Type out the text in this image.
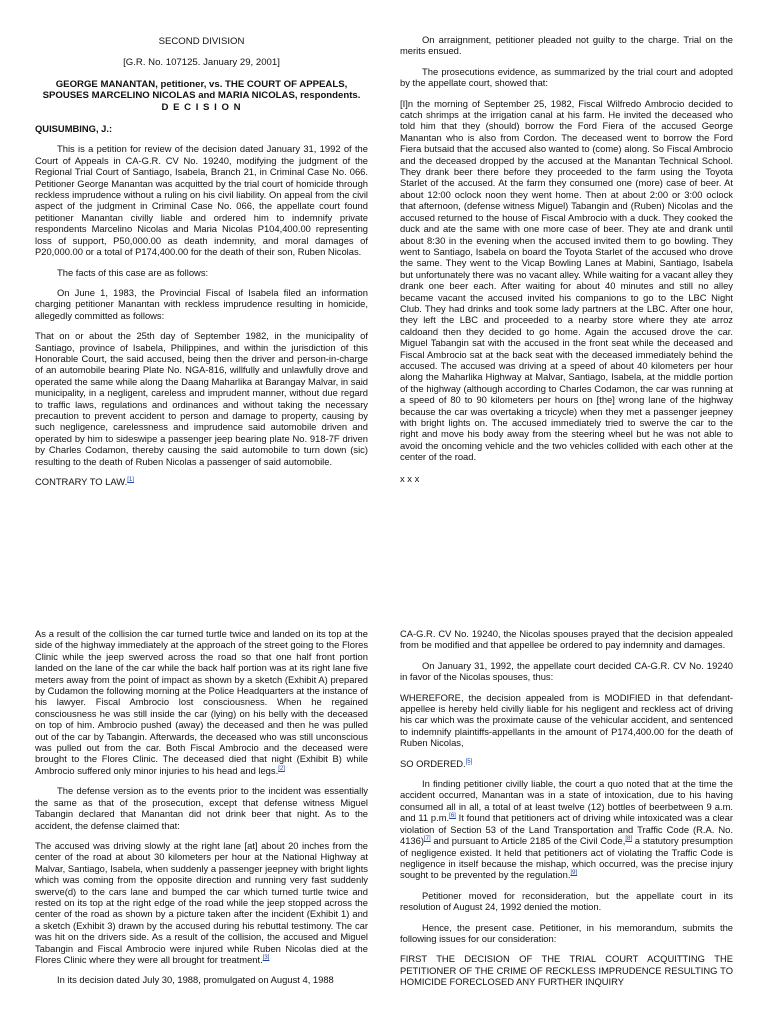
SECOND DIVISION

[G.R. No. 107125. January 29, 2001]

GEORGE MANANTAN, petitioner, vs. THE COURT OF APPEALS, SPOUSES MARCELINO NICOLAS and MARIA NICOLAS, respondents.

D E C I S I O N

QUISUMBING, J.:

This is a petition for review of the decision dated January 31, 1992 of the Court of Appeals in CA-G.R. CV No. 19240, modifying the judgment of the Regional Trial Court of Santiago, Isabela, Branch 21, in Criminal Case No. 066. Petitioner George Manantan was acquitted by the trial court of homicide through reckless imprudence without a ruling on his civil liability. On appeal from the civil aspect of the judgment in Criminal Case No. 066, the appellate court found petitioner Manantan civilly liable and ordered him to indemnify private respondents Marcelino Nicolas and Maria Nicolas P104,400.00 representing loss of support, P50,000.00 as death indemnity, and moral damages of P20,000.00 or a total of P174,400.00 for the death of their son, Ruben Nicolas.

The facts of this case are as follows:

On June 1, 1983, the Provincial Fiscal of Isabela filed an information charging petitioner Manantan with reckless imprudence resulting in homicide, allegedly committed as follows:

That on or about the 25th day of September 1982, in the municipality of Santiago, province of Isabela, Philippines, and within the jurisdiction of this Honorable Court, the said accused, being then the driver and person-in-charge of an automobile bearing Plate No. NGA-816, willfully and unlawfully drove and operated the same while along the Daang Maharlika at Barangay Malvar, in said municipality, in a negligent, careless and imprudent manner, without due regard to traffic laws, regulations and ordinances and without taking the necessary precaution to prevent accident to person and damage to property, causing by such negligence, carelessness and imprudence said automobile driven and operated by him to sideswipe a passenger jeep bearing plate No. 918-7F driven by Charles Codamon, thereby causing the said automobile to turn down (sic) resulting to the death of Ruben Nicolas a passenger of said automobile.

CONTRARY TO LAW.[1]

On arraignment, petitioner pleaded not guilty to the charge. Trial on the merits ensued.

The prosecutions evidence, as summarized by the trial court and adopted by the appellate court, showed that:

[I]n the morning of September 25, 1982, Fiscal Wilfredo Ambrocio decided to catch shrimps at the irrigation canal at his farm. He invited the deceased who told him that they (should) borrow the Ford Fiera of the accused George Manantan who is also from Cordon. The deceased went to borrow the Ford Fiera butsaid that the accused also wanted to (come) along. So Fiscal Ambrocio and the deceased dropped by the accused at the Manantan Technical School. They drank beer there before they proceeded to the farm using the Toyota Starlet of the accused. At the farm they consumed one (more) case of beer. At about 12:00 oclock noon they went home. Then at about 2:00 or 3:00 oclock that afternoon, (defense witness Miguel) Tabangin and (Ruben) Nicolas and the accused returned to the house of Fiscal Ambrocio with a duck. They cooked the duck and ate the same with one more case of beer. They ate and drank until about 8:30 in the evening when the accused invited them to go bowling. They went to Santiago, Isabela on board the Toyota Starlet of the accused who drove the same. They went to the Vicap Bowling Lanes at Mabini, Santiago, Isabela but unfortunately there was no vacant alley. While waiting for a vacant alley they drank one beer each. After waiting for about 40 minutes and still no alley became vacant the accused invited his companions to go to the LBC Night Club. They had drinks and took some lady partners at the LBC. After one hour, they left the LBC and proceeded to a nearby store where they ate arroz caldoand then they decided to go home. Again the accused drove the car. Miguel Tabangin sat with the accused in the front seat while the deceased and Fiscal Ambrocio sat at the back seat with the deceased immediately behind the accused. The accused was driving at a speed of about 40 kilometers per hour along the Maharlika Highway at Malvar, Santiago, Isabela, at the middle portion of the highway (although according to Charles Codamon, the car was running at a speed of 80 to 90 kilometers per hours on [the] wrong lane of the highway because the car was overtaking a tricycle) when they met a passenger jeepney with bright lights on. The accused immediately tried to swerve the car to the right and move his body away from the steering wheel but he was not able to avoid the oncoming vehicle and the two vehicles collided with each other at the center of the road.

x x x

As a result of the collision the car turned turtle twice and landed on its top at the side of the highway immediately at the approach of the street going to the Flores Clinic while the jeep swerved across the road so that one half front portion landed on the lane of the car while the back half portion was at its right lane five meters away from the point of impact as shown by a sketch (Exhibit A) prepared by Cudamon the following morning at the Police Headquarters at the instance of his lawyer. Fiscal Ambrocio lost consciousness. When he regained consciousness he was still inside the car (lying) on his belly with the deceased on top of him. Ambrocio pushed (away) the deceased and then he was pulled out of the car by Tabangin. Afterwards, the deceased who was still unconscious was pulled out from the car. Both Fiscal Ambrocio and the deceased were brought to the Flores Clinic. The deceased died that night (Exhibit B) while Ambrocio suffered only minor injuries to his head and legs.[2]

The defense version as to the events prior to the incident was essentially the same as that of the prosecution, except that defense witness Miguel Tabangin declared that Manantan did not drink beer that night. As to the accident, the defense claimed that:

The accused was driving slowly at the right lane [at] about 20 inches from the center of the road at about 30 kilometers per hour at the National Highway at Malvar, Santiago, Isabela, when suddenly a passenger jeepney with bright lights which was coming from the opposite direction and running very fast suddenly swerve(d) to the cars lane and bumped the car which turned turtle twice and rested on its top at the right edge of the road while the jeep stopped across the center of the road as shown by a picture taken after the incident (Exhibit 1) and a sketch (Exhibit 3) drawn by the accused during his rebuttal testimony. The car was hit on the drivers side. As a result of the collision, the accused and Miguel Tabangin and Fiscal Ambrocio were injured while Ruben Nicolas died at the Flores Clinic where they were all brought for treatment.[3]

In its decision dated July 30, 1988, promulgated on August 4, 1988

CA-G.R. CV No. 19240, the Nicolas spouses prayed that the decision appealed from be modified and that appellee be ordered to pay indemnity and damages.

On January 31, 1992, the appellate court decided CA-G.R. CV No. 19240 in favor of the Nicolas spouses, thus:

WHEREFORE, the decision appealed from is MODIFIED in that defendant-appellee is hereby held civilly liable for his negligent and reckless act of driving his car which was the proximate cause of the vehicular accident, and sentenced to indemnify plaintiffs-appellants in the amount of P174,400.00 for the death of Ruben Nicolas,

SO ORDERED.[5]

In finding petitioner civilly liable, the court a quo noted that at the time the accident occurred, Manantan was in a state of intoxication, due to his having consumed all in all, a total of at least twelve (12) bottles of beerbetween 9 a.m. and 11 p.m.[6] It found that petitioners act of driving while intoxicated was a clear violation of Section 53 of the Land Transportation and Traffic Code (R.A. No. 4136)[7] and pursuant to Article 2185 of the Civil Code,[8] a statutory presumption of negligence existed. It held that petitioners act of violating the Traffic Code is negligence in itself because the mishap, which occurred, was the precise injury sought to be prevented by the regulation.[9]

Petitioner moved for reconsideration, but the appellate court in its resolution of August 24, 1992 denied the motion.

Hence, the present case. Petitioner, in his memorandum, submits the following issues for our consideration:

FIRST THE DECISION OF THE TRIAL COURT ACQUITTING THE PETITIONER OF THE CRIME OF RECKLESS IMPRUDENCE RESULTING TO HOMICIDE FORECLOSED ANY FURTHER INQUIRY
